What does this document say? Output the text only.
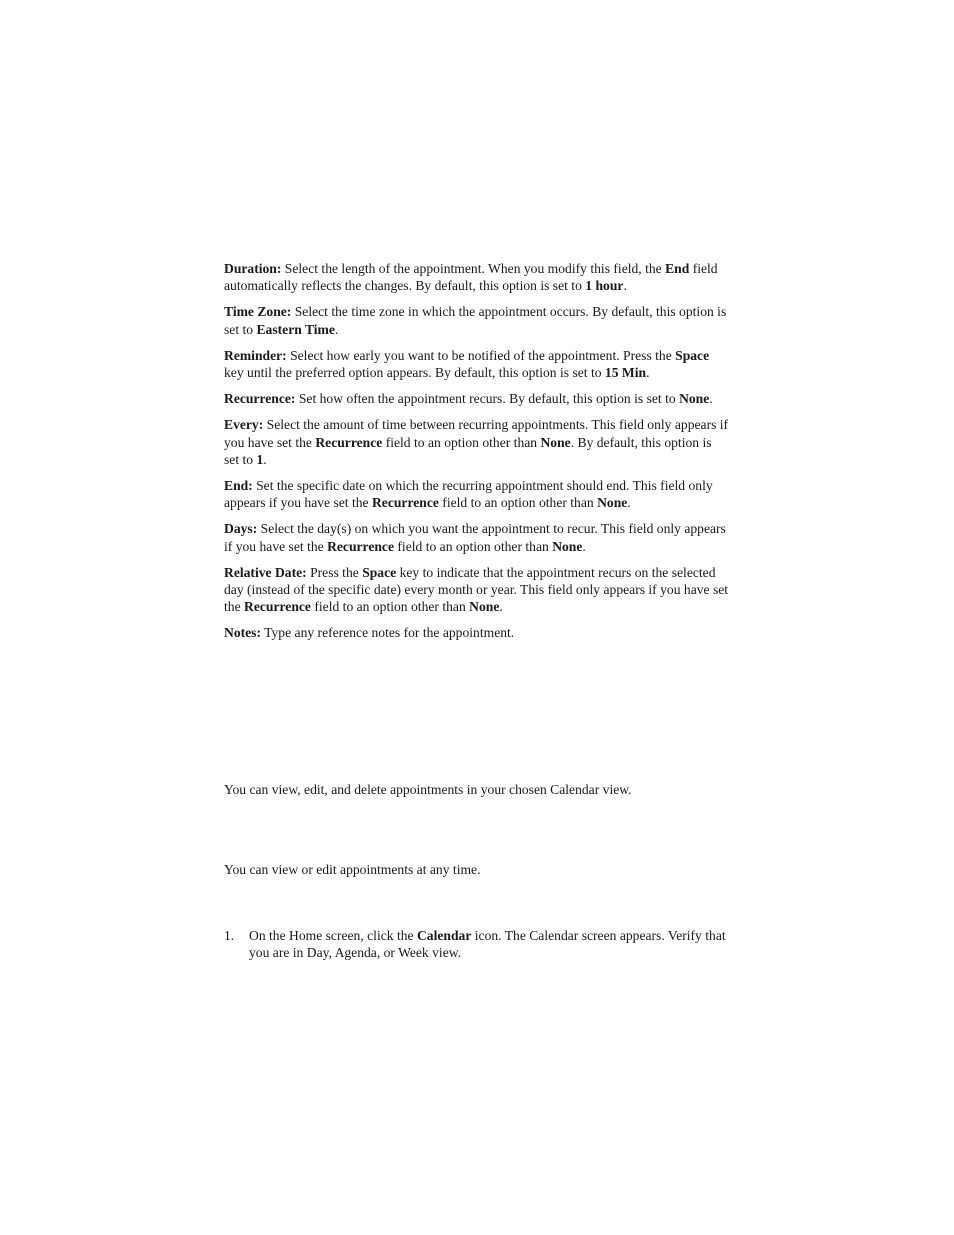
Duration: Select the length of the appointment. When you modify this field, the End field automatically reflects the changes. By default, this option is set to 1 hour.

Time Zone: Select the time zone in which the appointment occurs. By default, this option is set to Eastern Time.

Reminder: Select how early you want to be notified of the appointment. Press the Space key until the preferred option appears. By default, this option is set to 15 Min.

Recurrence: Set how often the appointment recurs. By default, this option is set to None.

Every: Select the amount of time between recurring appointments. This field only appears if you have set the Recurrence field to an option other than None. By default, this option is set to 1.

End: Set the specific date on which the recurring appointment should end. This field only appears if you have set the Recurrence field to an option other than None.

Days: Select the day(s) on which you want the appointment to recur. This field only appears if you have set the Recurrence field to an option other than None.

Relative Date: Press the Space key to indicate that the appointment recurs on the selected day (instead of the specific date) every month or year. This field only appears if you have set the Recurrence field to an option other than None.

Notes: Type any reference notes for the appointment.

You can view, edit, and delete appointments in your chosen Calendar view.

You can view or edit appointments at any time.

1.	On the Home screen, click the Calendar icon. The Calendar screen appears. Verify that you are in Day, Agenda, or Week view.
